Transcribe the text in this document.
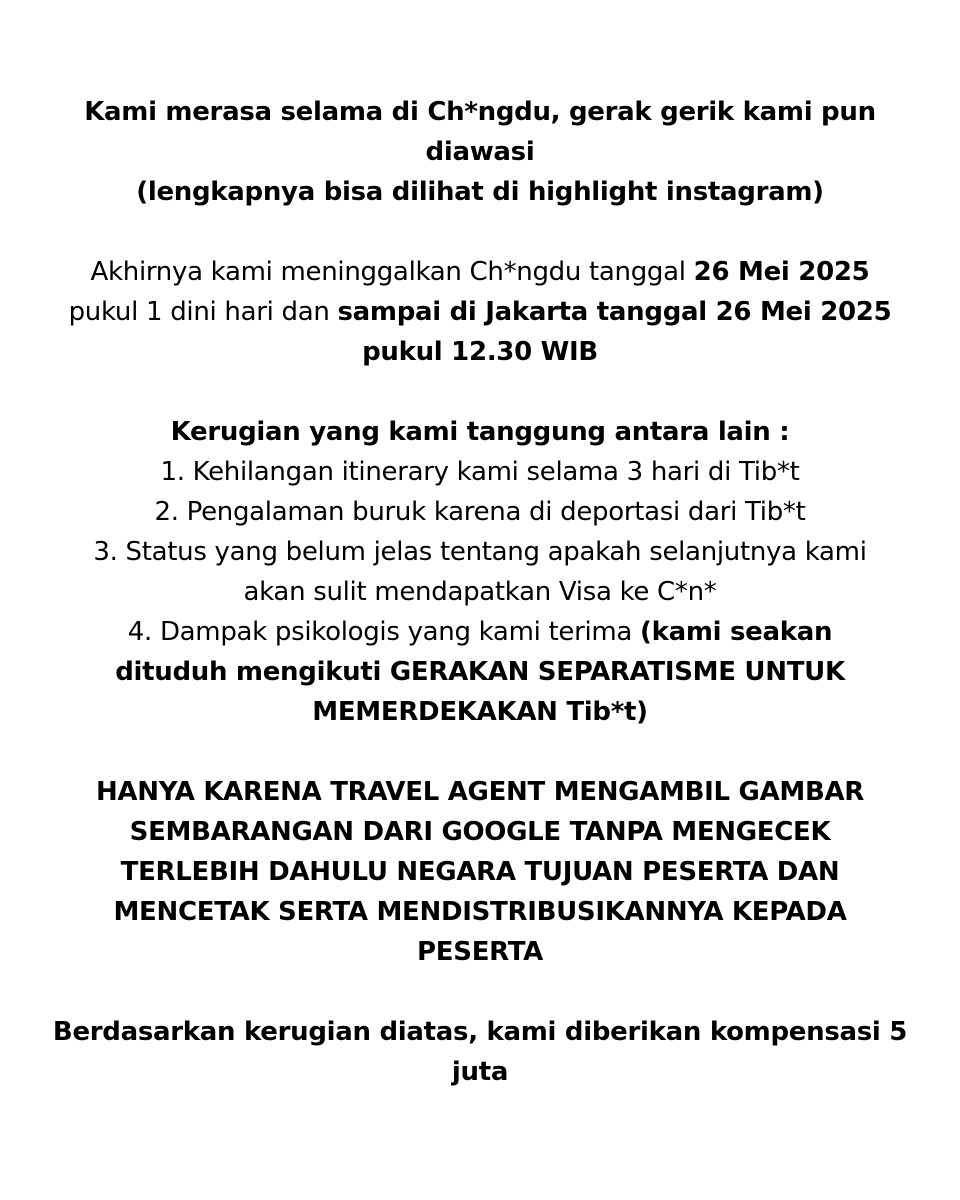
Kami merasa selama di Ch*ngdu, gerak gerik kami pun
diawasi
(lengkapnya bisa dilihat di highlight instagram)

Akhirnya kami meninggalkan Ch*ngdu tanggal 26 Mei 2025
pukul 1 dini hari dan sampai di Jakarta tanggal 26 Mei 2025
pukul 12.30 WIB

Kerugian yang kami tanggung antara lain :
1. Kehilangan itinerary kami selama 3 hari di Tib*t
2. Pengalaman buruk karena di deportasi dari Tib*t
3. Status yang belum jelas tentang apakah selanjutnya kami
akan sulit mendapatkan Visa ke C*n*
4. Dampak psikologis yang kami terima (kami seakan
dituduh mengikuti GERAKAN SEPARATISME UNTUK
MEMERDEKAKAN Tib*t)

HANYA KARENA TRAVEL AGENT MENGAMBIL GAMBAR
SEMBARANGAN DARI GOOGLE TANPA MENGECEK
TERLEBIH DAHULU NEGARA TUJUAN PESERTA DAN
MENCETAK SERTA MENDISTRIBUSIKANNYA KEPADA
PESERTA

Berdasarkan kerugian diatas, kami diberikan kompensasi 5
juta
